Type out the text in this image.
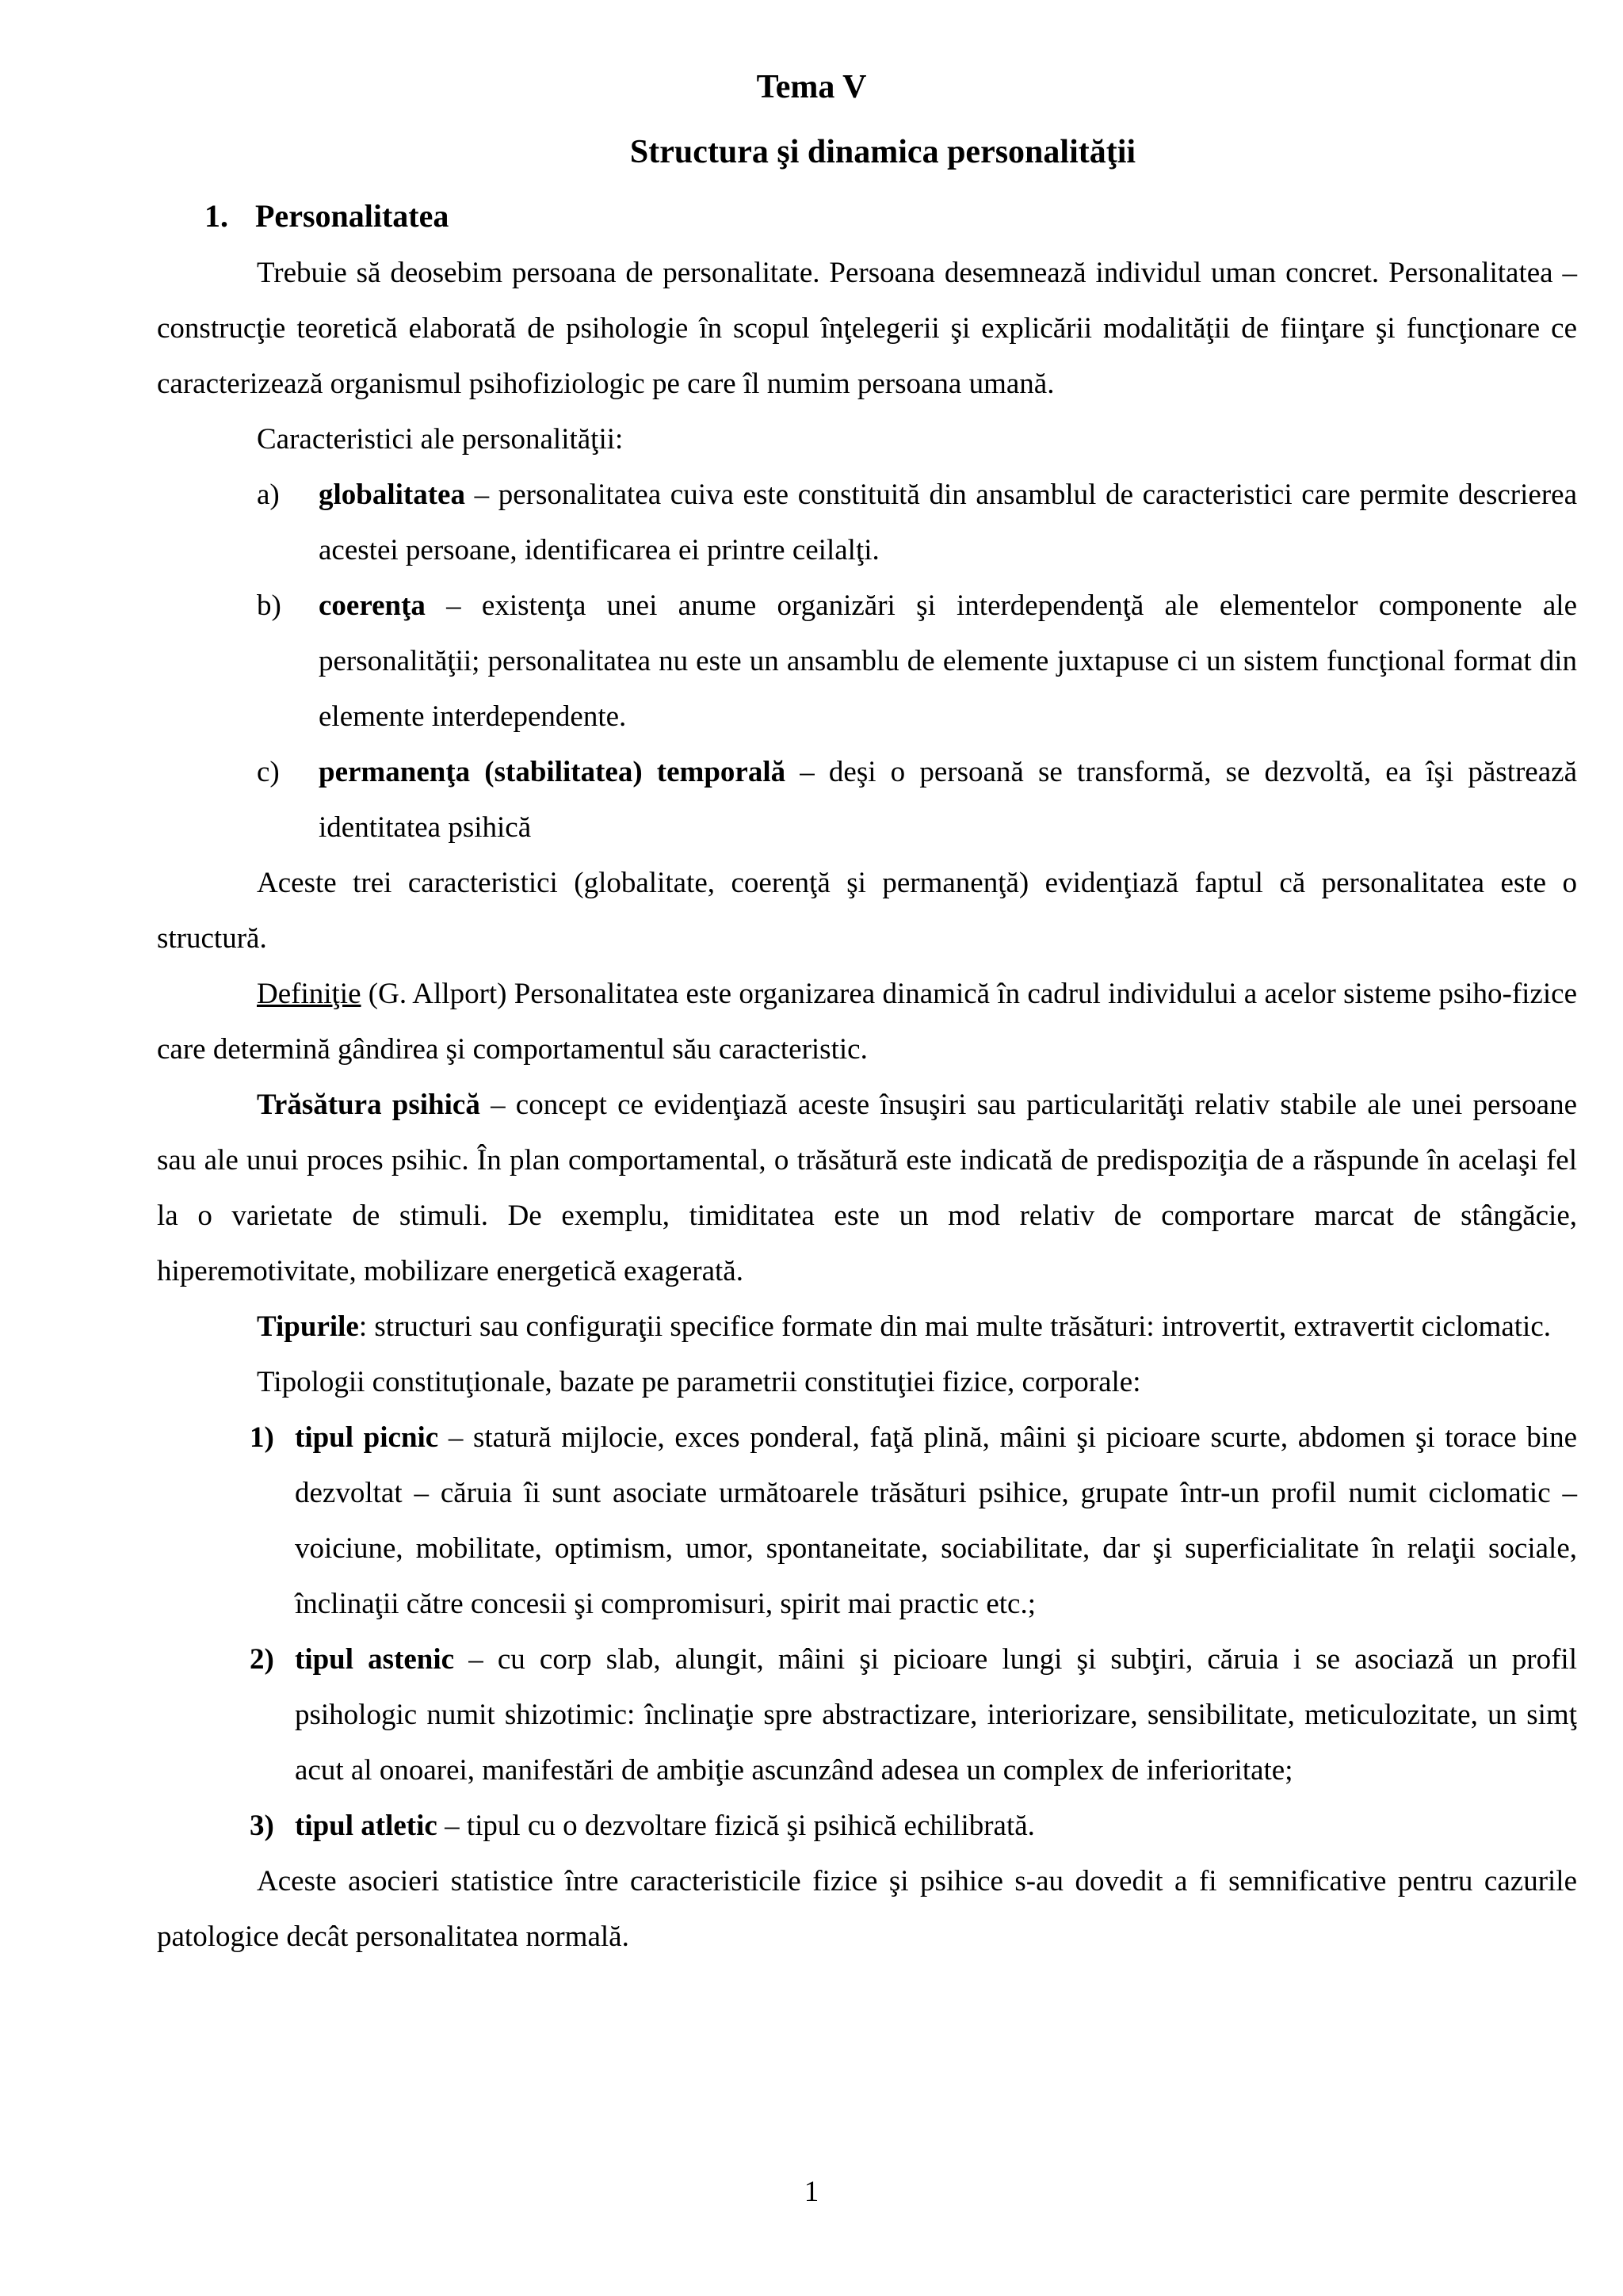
Tema V
Structura şi dinamica personalităţii
1. Personalitatea

Trebuie să deosebim persoana de personalitate. Persoana desemnează individul uman concret. Personalitatea – construcţie teoretică elaborată de psihologie în scopul înţelegerii şi explicării modalităţii de fiinţare şi funcţionare ce caracterizează organismul psihofiziologic pe care îl numim persoana umană.

Caracteristici ale personalităţii:

a) globalitatea – personalitatea cuiva este constituită din ansamblul de caracteristici care permite descrierea acestei persoane, identificarea ei printre ceilalţi.
b) coerenţa – existenţa unei anume organizări şi interdependenţă ale elementelor componente ale personalităţii; personalitatea nu este un ansamblu de elemente juxtapuse ci un sistem funcţional format din elemente interdependente.
c) permanenţa (stabilitatea) temporală – deşi o persoană se transformă, se dezvoltă, ea îşi păstrează identitatea psihică

Aceste trei caracteristici (globalitate, coerenţă şi permanenţă) evidenţiază faptul că personalitatea este o structură.

Definiţie (G. Allport) Personalitatea este organizarea dinamică în cadrul individului a acelor sisteme psiho-fizice care determină gândirea şi comportamentul său caracteristic.

Trăsătura psihică – concept ce evidenţiază aceste însuşiri sau particularităţi relativ stabile ale unei persoane sau ale unui proces psihic. În plan comportamental, o trăsătură este indicată de predispoziţia de a răspunde în acelaşi fel la o varietate de stimuli. De exemplu, timiditatea este un mod relativ de comportare marcat de stângăcie, hiperemotivitate, mobilizare energetică exagerată.

Tipurile: structuri sau configuraţii specifice formate din mai multe trăsături: introvertit, extravertit ciclomatic.

Tipologii constituţionale, bazate pe parametrii constituţiei fizice, corporale:

1) tipul picnic – statură mijlocie, exces ponderal, faţă plină, mâini şi picioare scurte, abdomen şi torace bine dezvoltat – căruia îi sunt asociate următoarele trăsături psihice, grupate într-un profil numit ciclomatic – voiciune, mobilitate, optimism, umor, spontaneitate, sociabilitate, dar şi superficialitate în relaţii sociale, înclinaţii către concesii şi compromisuri, spirit mai practic etc.;
2) tipul astenic – cu corp slab, alungit, mâini şi picioare lungi şi subţiri, căruia i se asociază un profil psihologic numit shizotimic: înclinaţie spre abstractizare, interiorizare, sensibilitate, meticulozitate, un simţ acut al onoarei, manifestări de ambiţie ascunzând adesea un complex de inferioritate;
3) tipul atletic – tipul cu o dezvoltare fizică şi psihică echilibrată.

Aceste asocieri statistice între caracteristicile fizice şi psihice s-au dovedit a fi semnificative pentru cazurile patologice decât personalitatea normală.

1
